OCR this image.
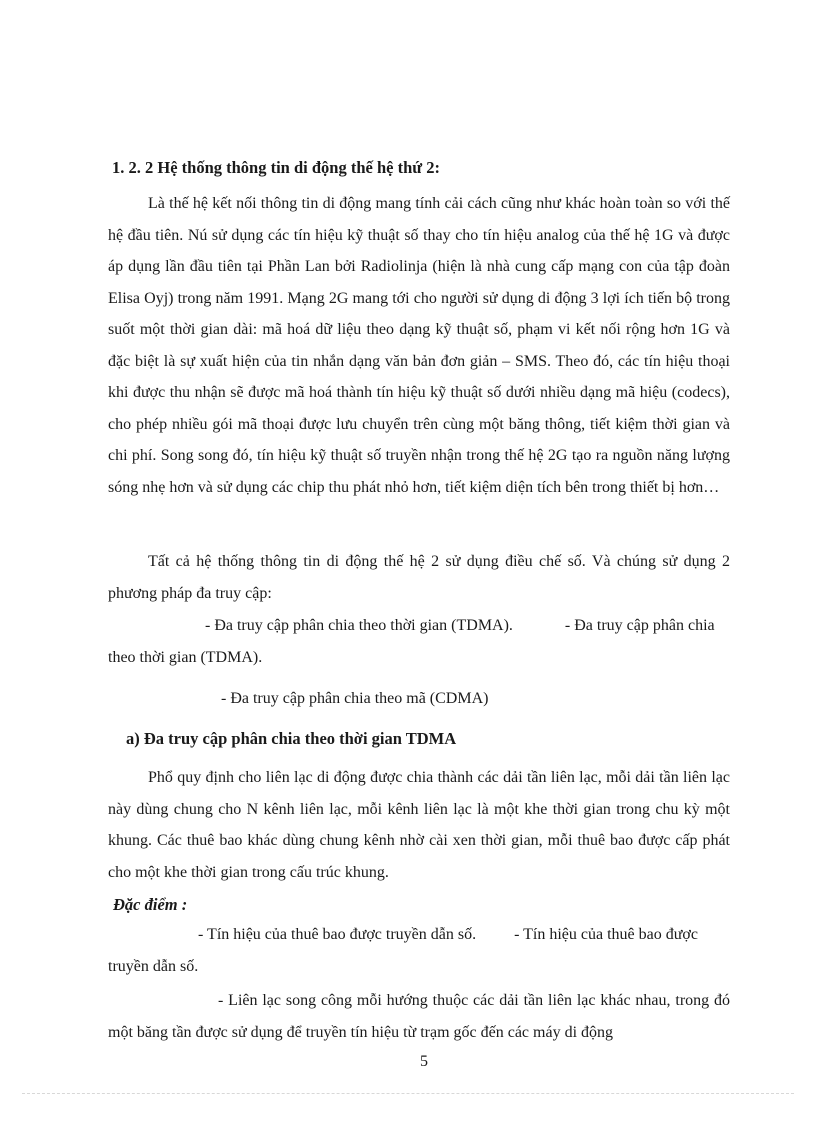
1. 2. 2 Hệ thống thông tin di động thế hệ thứ 2:

Là thế hệ kết nối thông tin di động mang tính cải cách cũng như khác hoàn toàn so với thế hệ đầu tiên. Nú sử dụng các tín hiệu kỹ thuật số thay cho tín hiệu analog của thế hệ 1G và được áp dụng lần đầu tiên tại Phần Lan bởi Radiolinja (hiện là nhà cung cấp mạng con của tập đoàn Elisa Oyj) trong năm 1991. Mạng 2G mang tới cho người sử dụng di động 3 lợi ích tiến bộ trong suốt một thời gian dài: mã hoá dữ liệu theo dạng kỹ thuật số, phạm vi kết nối rộng hơn 1G và đặc biệt là sự xuất hiện của tin nhắn dạng văn bản đơn giản – SMS. Theo đó, các tín hiệu thoại khi được thu nhận sẽ được mã hoá thành tín hiệu kỹ thuật số dưới nhiều dạng mã hiệu (codecs), cho phép nhiều gói mã thoại được lưu chuyển trên cùng một băng thông, tiết kiệm thời gian và chi phí. Song song đó, tín hiệu kỹ thuật số truyền nhận trong thế hệ 2G tạo ra nguồn năng lượng sóng nhẹ hơn và sử dụng các chip thu phát nhỏ hơn, tiết kiệm diện tích bên trong thiết bị hơn…

Tất cả hệ thống thông tin di động thế hệ 2 sử dụng điều chế số. Và chúng sử dụng 2 phương pháp đa truy cập:

- Đa truy cập phân chia theo thời gian (TDMA).	- Đa truy cập phân chia theo thời gian (TDMA).

- Đa truy cập phân chia theo mã (CDMA)
a) Đa truy cập phân chia theo thời gian TDMA

Phổ quy định cho liên lạc di động được chia thành các dải tần liên lạc, mỗi dải tần liên lạc này dùng chung cho N kênh liên lạc, mỗi kênh liên lạc là một khe thời gian trong chu kỳ một khung. Các thuê bao khác dùng chung kênh nhờ cài xen thời gian, mỗi thuê bao được cấp phát cho một khe thời gian trong cấu trúc khung.

Đặc điểm :

- Tín hiệu của thuê bao được truyền dẫn số. - Tín hiệu của thuê bao được truyền dẫn số.

- Liên lạc song công mỗi hướng thuộc các dải tần liên lạc khác nhau, trong đó một băng tần được sử dụng để truyền tín hiệu từ trạm gốc đến các máy di động

5
